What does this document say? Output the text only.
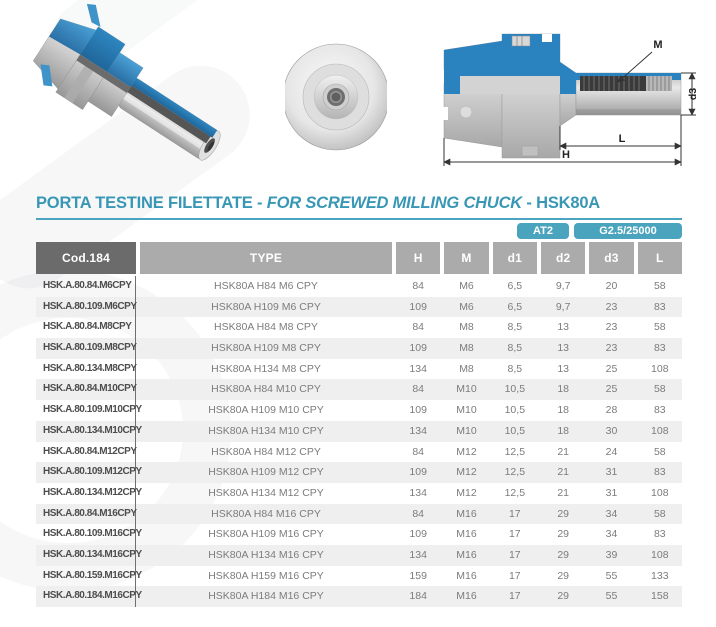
M
d3
L
H
PORTA TESTINE FILETTATE - FOR SCREWED MILLING CHUCK - HSK80A
AT2	G2.5/25000
Cod.184	TYPE	H	M	d1	d2	d3	L
HSK.A.80.84.M6CPY	HSK80A H84 M6 CPY	84	M6	6,5	9,7	20	58
HSK.A.80.109.M6CPY	HSK80A H109 M6 CPY	109	M6	6,5	9,7	23	83
HSK.A.80.84.M8CPY	HSK80A H84 M8 CPY	84	M8	8,5	13	23	58
HSK.A.80.109.M8CPY	HSK80A H109 M8 CPY	109	M8	8,5	13	23	83
HSK.A.80.134.M8CPY	HSK80A H134 M8 CPY	134	M8	8,5	13	25	108
HSK.A.80.84.M10CPY	HSK80A H84 M10 CPY	84	M10	10,5	18	25	58
HSK.A.80.109.M10CPY	HSK80A H109 M10 CPY	109	M10	10,5	18	28	83
HSK.A.80.134.M10CPY	HSK80A H134 M10 CPY	134	M10	10,5	18	30	108
HSK.A.80.84.M12CPY	HSK80A H84 M12 CPY	84	M12	12,5	21	24	58
HSK.A.80.109.M12CPY	HSK80A H109 M12 CPY	109	M12	12,5	21	31	83
HSK.A.80.134.M12CPY	HSK80A H134 M12 CPY	134	M12	12,5	21	31	108
HSK.A.80.84.M16CPY	HSK80A H84 M16 CPY	84	M16	17	29	34	58
HSK.A.80.109.M16CPY	HSK80A H109 M16 CPY	109	M16	17	29	34	83
HSK.A.80.134.M16CPY	HSK80A H134 M16 CPY	134	M16	17	29	39	108
HSK.A.80.159.M16CPY	HSK80A H159 M16 CPY	159	M16	17	29	55	133
HSK.A.80.184.M16CPY	HSK80A H184 M16 CPY	184	M16	17	29	55	158
